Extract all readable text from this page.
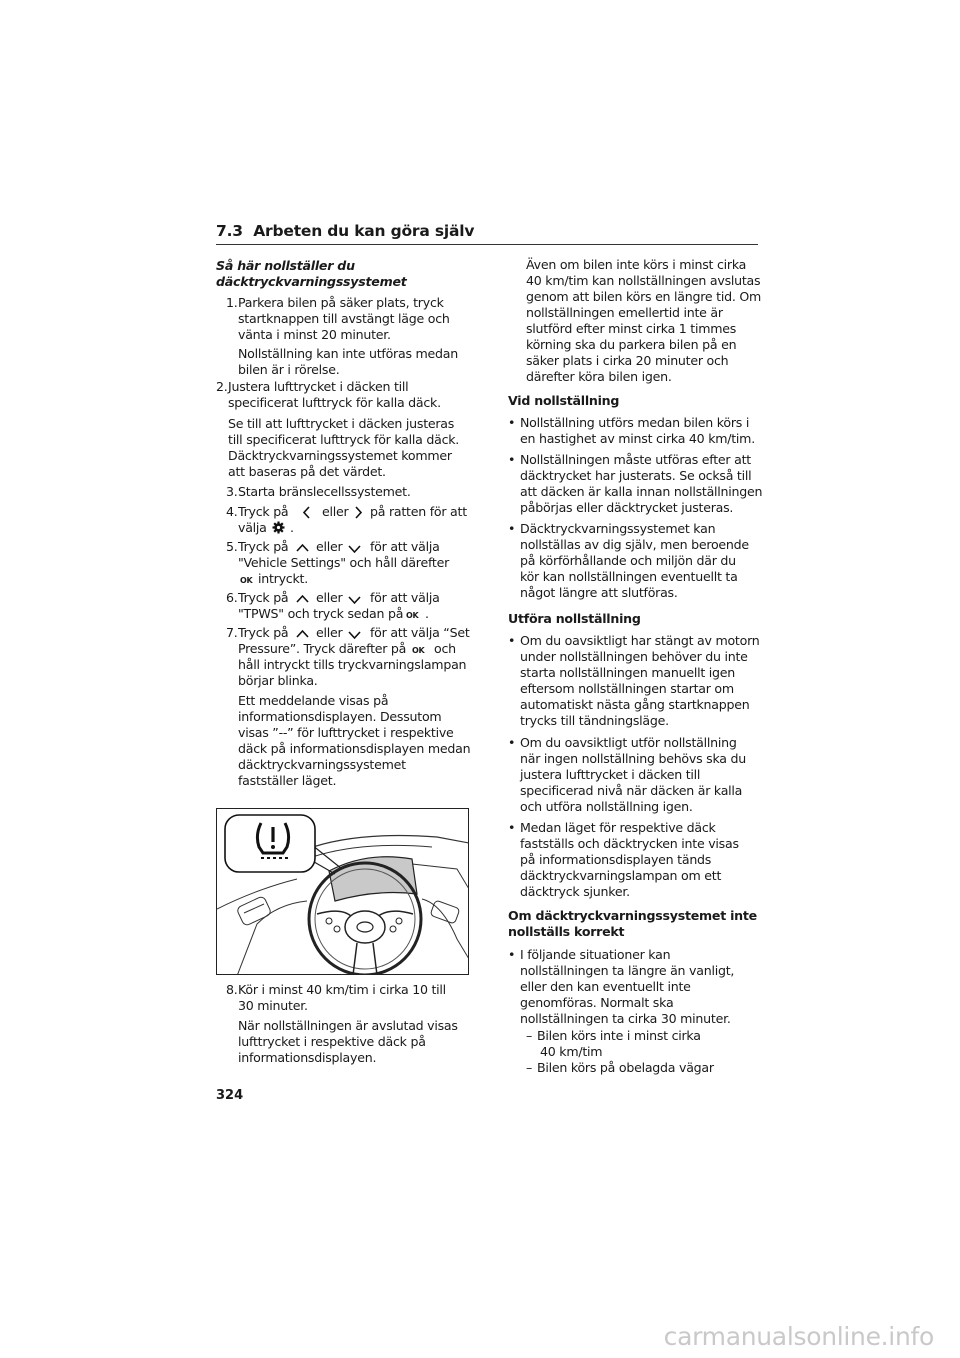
7.3 Arbeten du kan göra själv
Så här nollställer du
däcktryckvarningssystemet
1. Parkera bilen på säker plats, tryck
startknappen till avstängt läge och
vänta i minst 20 minuter.
Nollställning kan inte utföras medan
bilen är i rörelse.
2. Justera lufttrycket i däcken till
specificerat lufttryck för kalla däck.
Se till att lufttrycket i däcken justeras
till specificerat lufttryck för kalla däck.
Däcktryckvarningssystemet kommer
att baseras på det värdet.
3. Starta bränslecellssystemet.
4. Tryck på	eller på ratten för att
välja .
5. Tryck på eller för att välja
"Vehicle Settings" och håll därefter
OK intryckt.
6. Tryck på eller för att välja
"TPWS" och tryck sedan på OK .
7. Tryck på eller för att välja “Set
Pressure”. Tryck därefter på OK och
håll intryckt tills tryckvarningslampan
börjar blinka.
Ett meddelande visas på
informationsdisplayen. Dessutom
visas ”--” för lufttrycket i respektive
däck på informationsdisplayen medan
däcktryckvarningssystemet
fastställer läget.
8. Kör i minst 40 km/tim i cirka 10 till
30 minuter.
När nollställningen är avslutad visas
lufttrycket i respektive däck på
informationsdisplayen.
Även om bilen inte körs i minst cirka
40 km/tim kan nollställningen avslutas
genom att bilen körs en längre tid. Om
nollställningen emellertid inte är
slutförd efter minst cirka 1 timmes
körning ska du parkera bilen på en
säker plats i cirka 20 minuter och
därefter köra bilen igen.
Vid nollställning
• Nollställning utförs medan bilen körs i
en hastighet av minst cirka 40 km/tim.
• Nollställningen måste utföras efter att
däcktrycket har justerats. Se också till
att däcken är kalla innan nollställningen
påbörjas eller däcktrycket justeras.
• Däcktryckvarningssystemet kan
nollställas av dig själv, men beroende
på körförhållande och miljön där du
kör kan nollställningen eventuellt ta
något längre att slutföras.
Utföra nollställning
• Om du oavsiktligt har stängt av motorn
under nollställningen behöver du inte
starta nollställningen manuellt igen
eftersom nollställningen startar om
automatiskt nästa gång startknappen
trycks till tändningsläge.
• Om du oavsiktligt utför nollställning
när ingen nollställning behövs ska du
justera lufttrycket i däcken till
specificerad nivå när däcken är kalla
och utföra nollställning igen.
• Medan läget för respektive däck
fastställs och däcktrycken inte visas
på informationsdisplayen tänds
däcktryckvarningslampan om ett
däcktryck sjunker.
Om däcktryckvarningssystemet inte
nollställs korrekt
• I följande situationer kan
nollställningen ta längre än vanligt,
eller den kan eventuellt inte
genomföras. Normalt ska
nollställningen ta cirka 30 minuter.
– Bilen körs inte i minst cirka
40 km/tim
– Bilen körs på obelagda vägar
324
carmanualsonline.info
